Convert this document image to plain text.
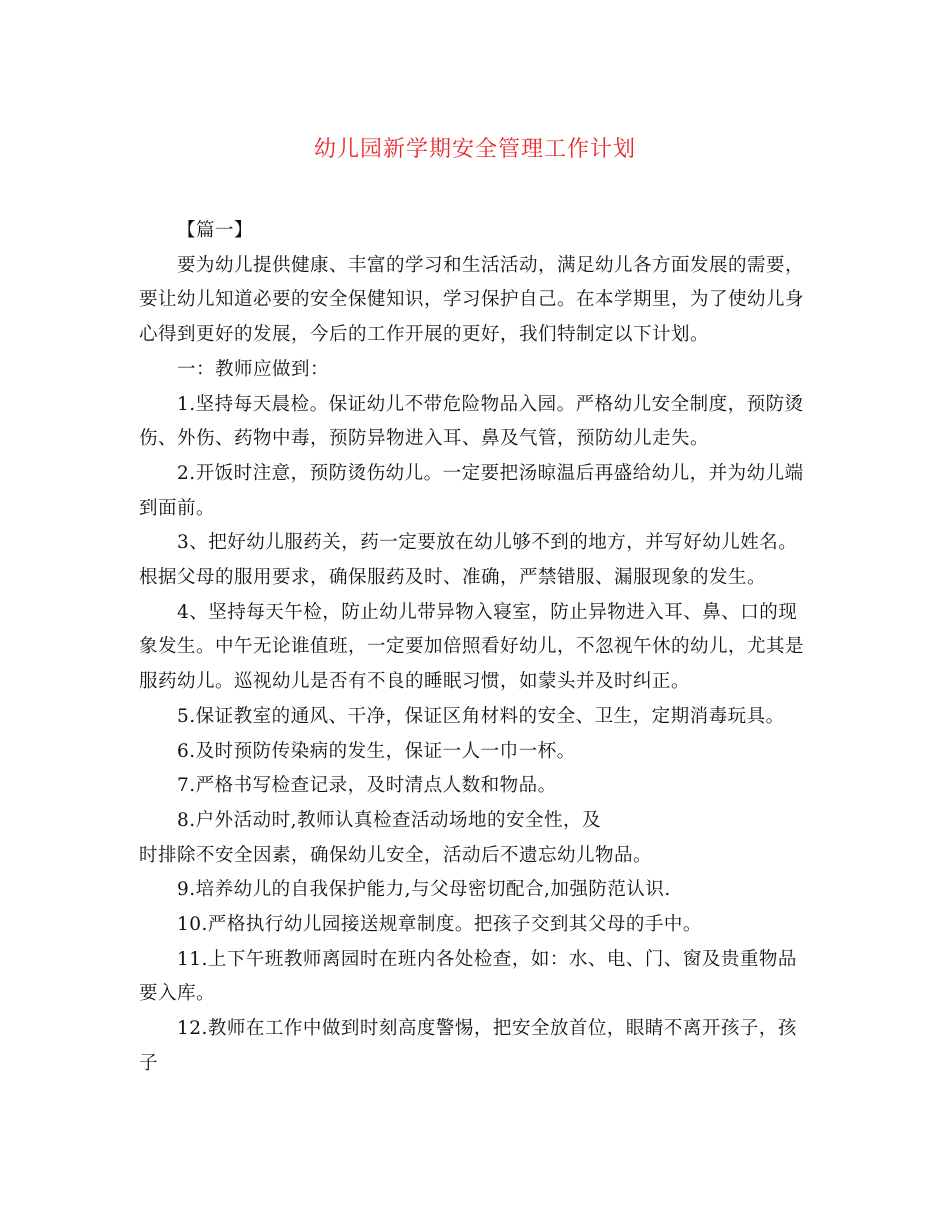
幼儿园新学期安全管理工作计划

【篇一】

要为幼儿提供健康、丰富的学习和生活活动，满足幼儿各方面发展的需要，要让幼儿知道必要的安全保健知识，学习保护自己。在本学期里，为了使幼儿身心得到更好的发展，今后的工作开展的更好，我们特制定以下计划。

一：教师应做到：

1.坚持每天晨检。保证幼儿不带危险物品入园。严格幼儿安全制度，预防烫伤、外伤、药物中毒，预防异物进入耳、鼻及气管，预防幼儿走失。

2.开饭时注意，预防烫伤幼儿。一定要把汤晾温后再盛给幼儿，并为幼儿端到面前。

3、把好幼儿服药关，药一定要放在幼儿够不到的地方，并写好幼儿姓名。根据父母的服用要求，确保服药及时、准确，严禁错服、漏服现象的发生。

4、坚持每天午检，防止幼儿带异物入寝室，防止异物进入耳、鼻、口的现象发生。中午无论谁值班，一定要加倍照看好幼儿，不忽视午休的幼儿，尤其是服药幼儿。巡视幼儿是否有不良的睡眠习惯，如蒙头并及时纠正。

5.保证教室的通风、干净，保证区角材料的安全、卫生，定期消毒玩具。

6.及时预防传染病的发生，保证一人一巾一杯。

7.严格书写检查记录，及时清点人数和物品。

8.户外活动时,教师认真检查活动场地的安全性，及

时排除不安全因素，确保幼儿安全，活动后不遗忘幼儿物品。

9.培养幼儿的自我保护能力,与父母密切配合,加强防范认识.

10.严格执行幼儿园接送规章制度。把孩子交到其父母的手中。

11.上下午班教师离园时在班内各处检查，如：水、电、门、窗及贵重物品要入库。

12.教师在工作中做到时刻高度警惕，把安全放首位，眼睛不离开孩子，孩子
